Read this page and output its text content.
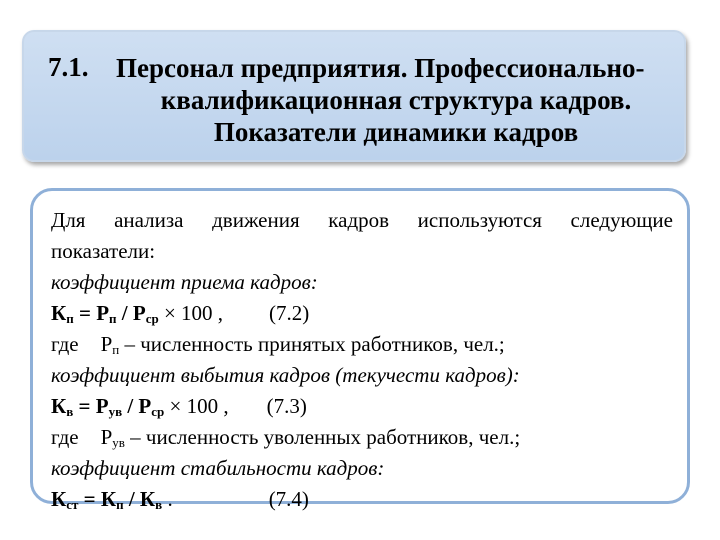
7.1. Персонал предприятия. Профессионально-
квалификационная структура кадров.
Показатели динамики кадров
Для анализа движения кадров используются следующие
показатели:
коэффициент приема кадров:
$К_п = Р_п / Р_{ср} \times 100$ , (7.2)
где $Р_п$ – численность принятых работников, чел.;
коэффициент выбытия кадров (текучести кадров):
$К_в = Р_{ув} / Р_{ср} \times 100$ , (7.3)
где $Р_{ув}$ – численность уволенных работников, чел.;
коэффициент стабильности кадров:
$К_{ст} = К_п / К_в$ .	(7.4)
